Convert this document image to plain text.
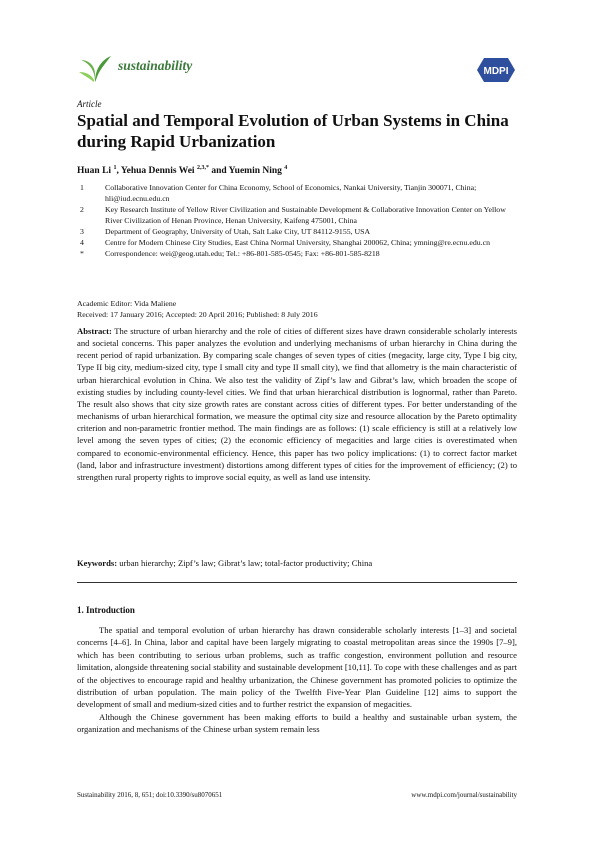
sustainability	MDPI
Article
Spatial and Temporal Evolution of Urban Systems in China during Rapid Urbanization
Huan Li $^1$, Yehua Dennis Wei $^{2,3,*}$ and Yuemin Ning $^4$
1	Collaborative Innovation Center for China Economy, School of Economics, Nankai University, Tianjin 300071, China; hli@iud.ecnu.edu.cn
2	Key Research Institute of Yellow River Civilization and Sustainable Development & Collaborative Innovation Center on Yellow River Civilization of Henan Province, Henan University, Kaifeng 475001, China
3	Department of Geography, University of Utah, Salt Lake City, UT 84112-9155, USA
4	Centre for Modern Chinese City Studies, East China Normal University, Shanghai 200062, China; ymning@re.ecnu.edu.cn
*	Correspondence: wei@geog.utah.edu; Tel.: +86-801-585-0545; Fax: +86-801-585-8218
Academic Editor: Vida Maliene
Received: 17 January 2016; Accepted: 20 April 2016; Published: 8 July 2016
Abstract: The structure of urban hierarchy and the role of cities of different sizes have drawn considerable scholarly interests and societal concerns. This paper analyzes the evolution and underlying mechanisms of urban hierarchy in China during the recent period of rapid urbanization. By comparing scale changes of seven types of cities (megacity, large city, Type I big city, Type II big city, medium-sized city, type I small city and type II small city), we find that allometry is the main characteristic of urban hierarchical evolution in China. We also test the validity of Zipf’s law and Gibrat’s law, which broaden the scope of existing studies by including county-level cities. We find that urban hierarchical distribution is lognormal, rather than Pareto. The result also shows that city size growth rates are constant across cities of different types. For better understanding of the mechanisms of urban hierarchical formation, we measure the optimal city size and resource allocation by the Pareto optimality criterion and non-parametric frontier method. The main findings are as follows: (1) scale efficiency is still at a relatively low level among the seven types of cities; (2) the economic efficiency of megacities and large cities is overestimated when compared to economic-environmental efficiency. Hence, this paper has two policy implications: (1) to correct factor market (land, labor and infrastructure investment) distortions among different types of cities for the improvement of efficiency; (2) to strengthen rural property rights to improve social equity, as well as land use intensity.
Keywords: urban hierarchy; Zipf’s law; Gibrat’s law; total-factor productivity; China
1. Introduction

The spatial and temporal evolution of urban hierarchy has drawn considerable scholarly interests [1–3] and societal concerns [4–6]. In China, labor and capital have been largely migrating to coastal metropolitan areas since the 1990s [7–9], which has been contributing to serious urban problems, such as traffic congestion, environment pollution and resource limitation, alongside threatening social stability and sustainable development [10,11]. To cope with these challenges and as part of the objectives to encourage rapid and healthy urbanization, the Chinese government has promoted policies to optimize the distribution of urban population. The main policy of the Twelfth Five-Year Plan Guideline [12] aims to support the development of small and medium-sized cities and to further restrict the expansion of megacities.

Although the Chinese government has been making efforts to build a healthy and sustainable urban system, the organization and mechanisms of the Chinese urban system remain less

Sustainability 2016, 8, 651; doi:10.3390/su8070651	www.mdpi.com/journal/sustainability
